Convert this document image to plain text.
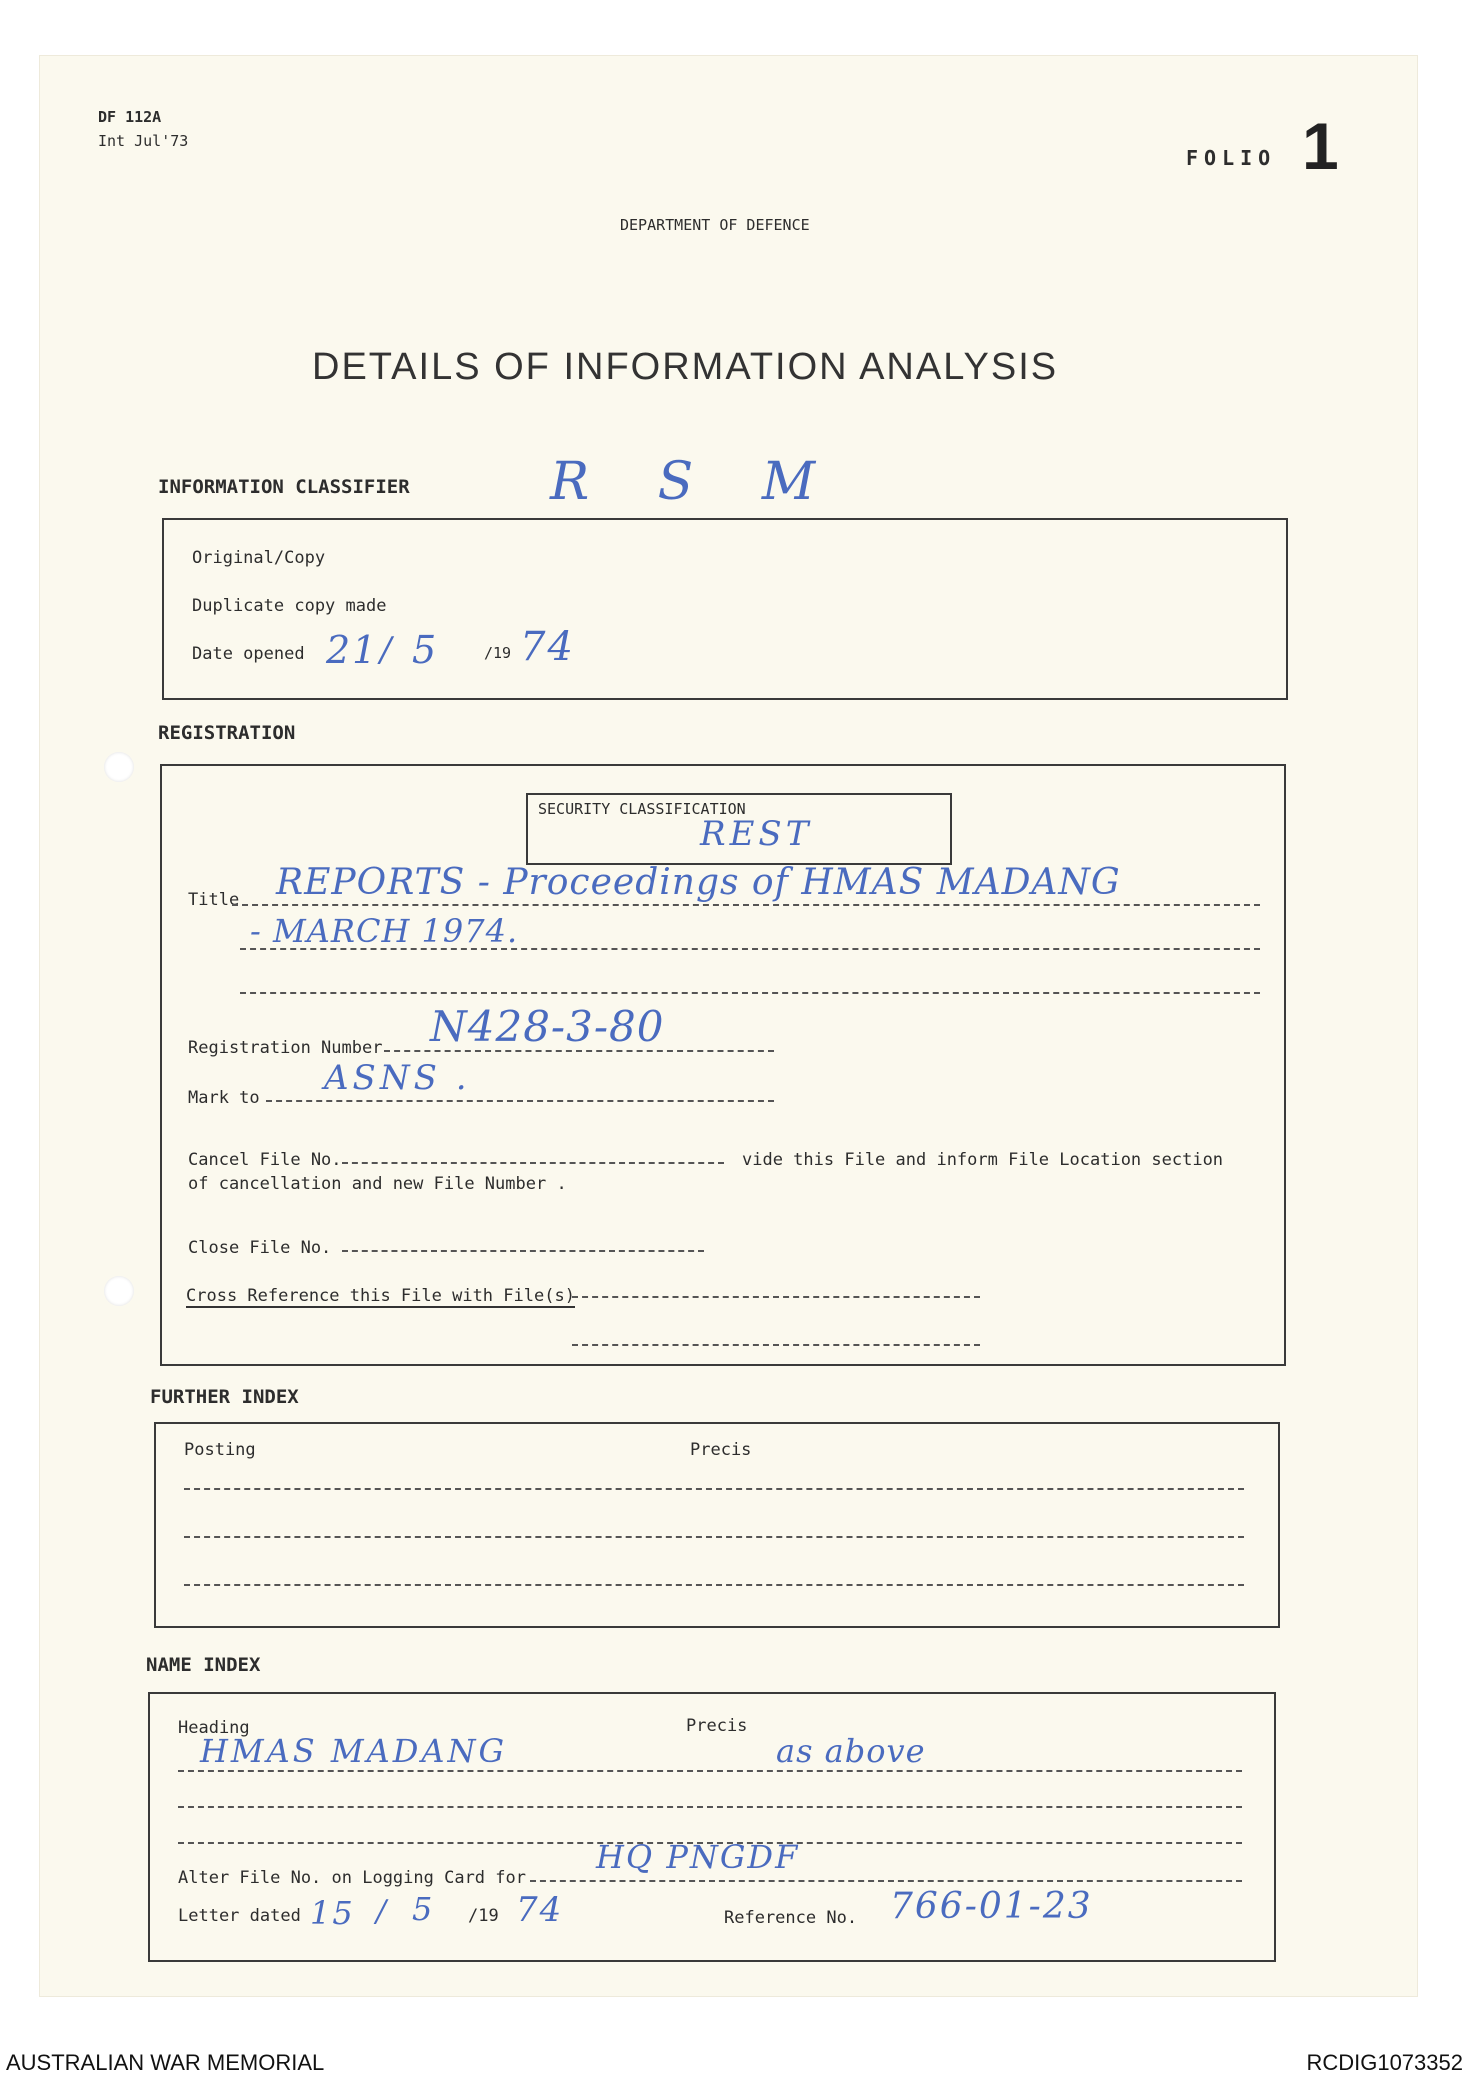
DF 112A
Int Jul'73
FOLIO 1
DEPARTMENT OF DEFENCE
DETAILS OF INFORMATION ANALYSIS
INFORMATION CLASSIFIER	R S M
Original/Copy
Duplicate copy made
Date opened 21 / 5	/19 74
REGISTRATION
SECURITY CLASSIFICATION
REST
Title REPORTS - Proceedings of HMAS MADANG
- MARCH 1974.
Registration Number N428-3-80
Mark to ASNS .
Cancel File No.	vide this File and inform File Location section
of cancellation and new File Number .
Close File No.
Cross Reference this File with File(s)
FURTHER INDEX
Posting	Precis
NAME INDEX
Heading	Precis
HMAS MADANG	as above
Alter File No. on Logging Card for
HQ PNGDF
Letter dated 15 / 5 /19 74	Reference No. 766-01-23
AUSTRALIAN WAR MEMORIAL	RCDIG1073352
